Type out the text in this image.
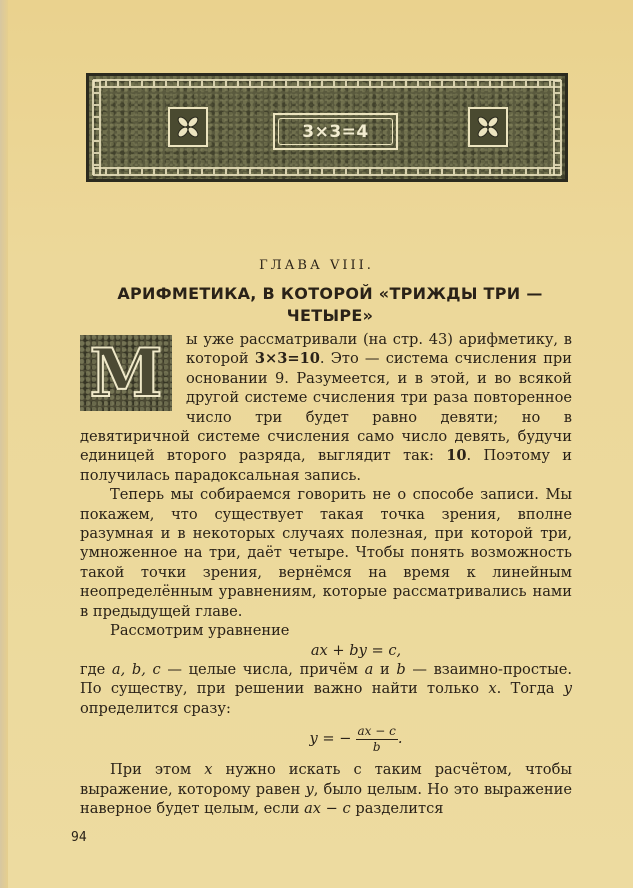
3×3=4
ГЛАВА VIII.
АРИФМЕТИКА, В КОТОРОЙ «ТРИЖДЫ ТРИ — ЧЕТЫРЕ»
М	ы уже рассматривали (на стр. 43) арифметику, в которой 3×3=10. Это — система счисления при основании 9. Разумеется, и в этой, и во всякой другой системе счисления три раза повторенное число три будет равно девяти; но в девятиричной системе счисления само число девять, будучи единицей второго разряда, выглядит так: 10. Поэтому и получилась парадоксальная запись.

Теперь мы собираемся говорить не о способе записи. Мы покажем, что существует такая точка зрения, вполне разумная и в некоторых случаях полезная, при которой три, умноженное на три, даёт четыре. Чтобы понять возможность такой точки зрения, вернёмся на время к линейным неопределённым уравнениям, которые рассматривались нами в предыдущей главе.

Рассмотрим уравнение

ax + by = c,

где a, b, c — целые числа, причём a и b — взаимно-простые. По существу, при решении важно найти только x. Тогда y определится сразу:

y = − $\frac{ax - c}{b}$ .

При этом x нужно искать с таким расчётом, чтобы выражение, которому равен y, было целым. Но это выражение наверное будет целым, если ax − c разделится

94
